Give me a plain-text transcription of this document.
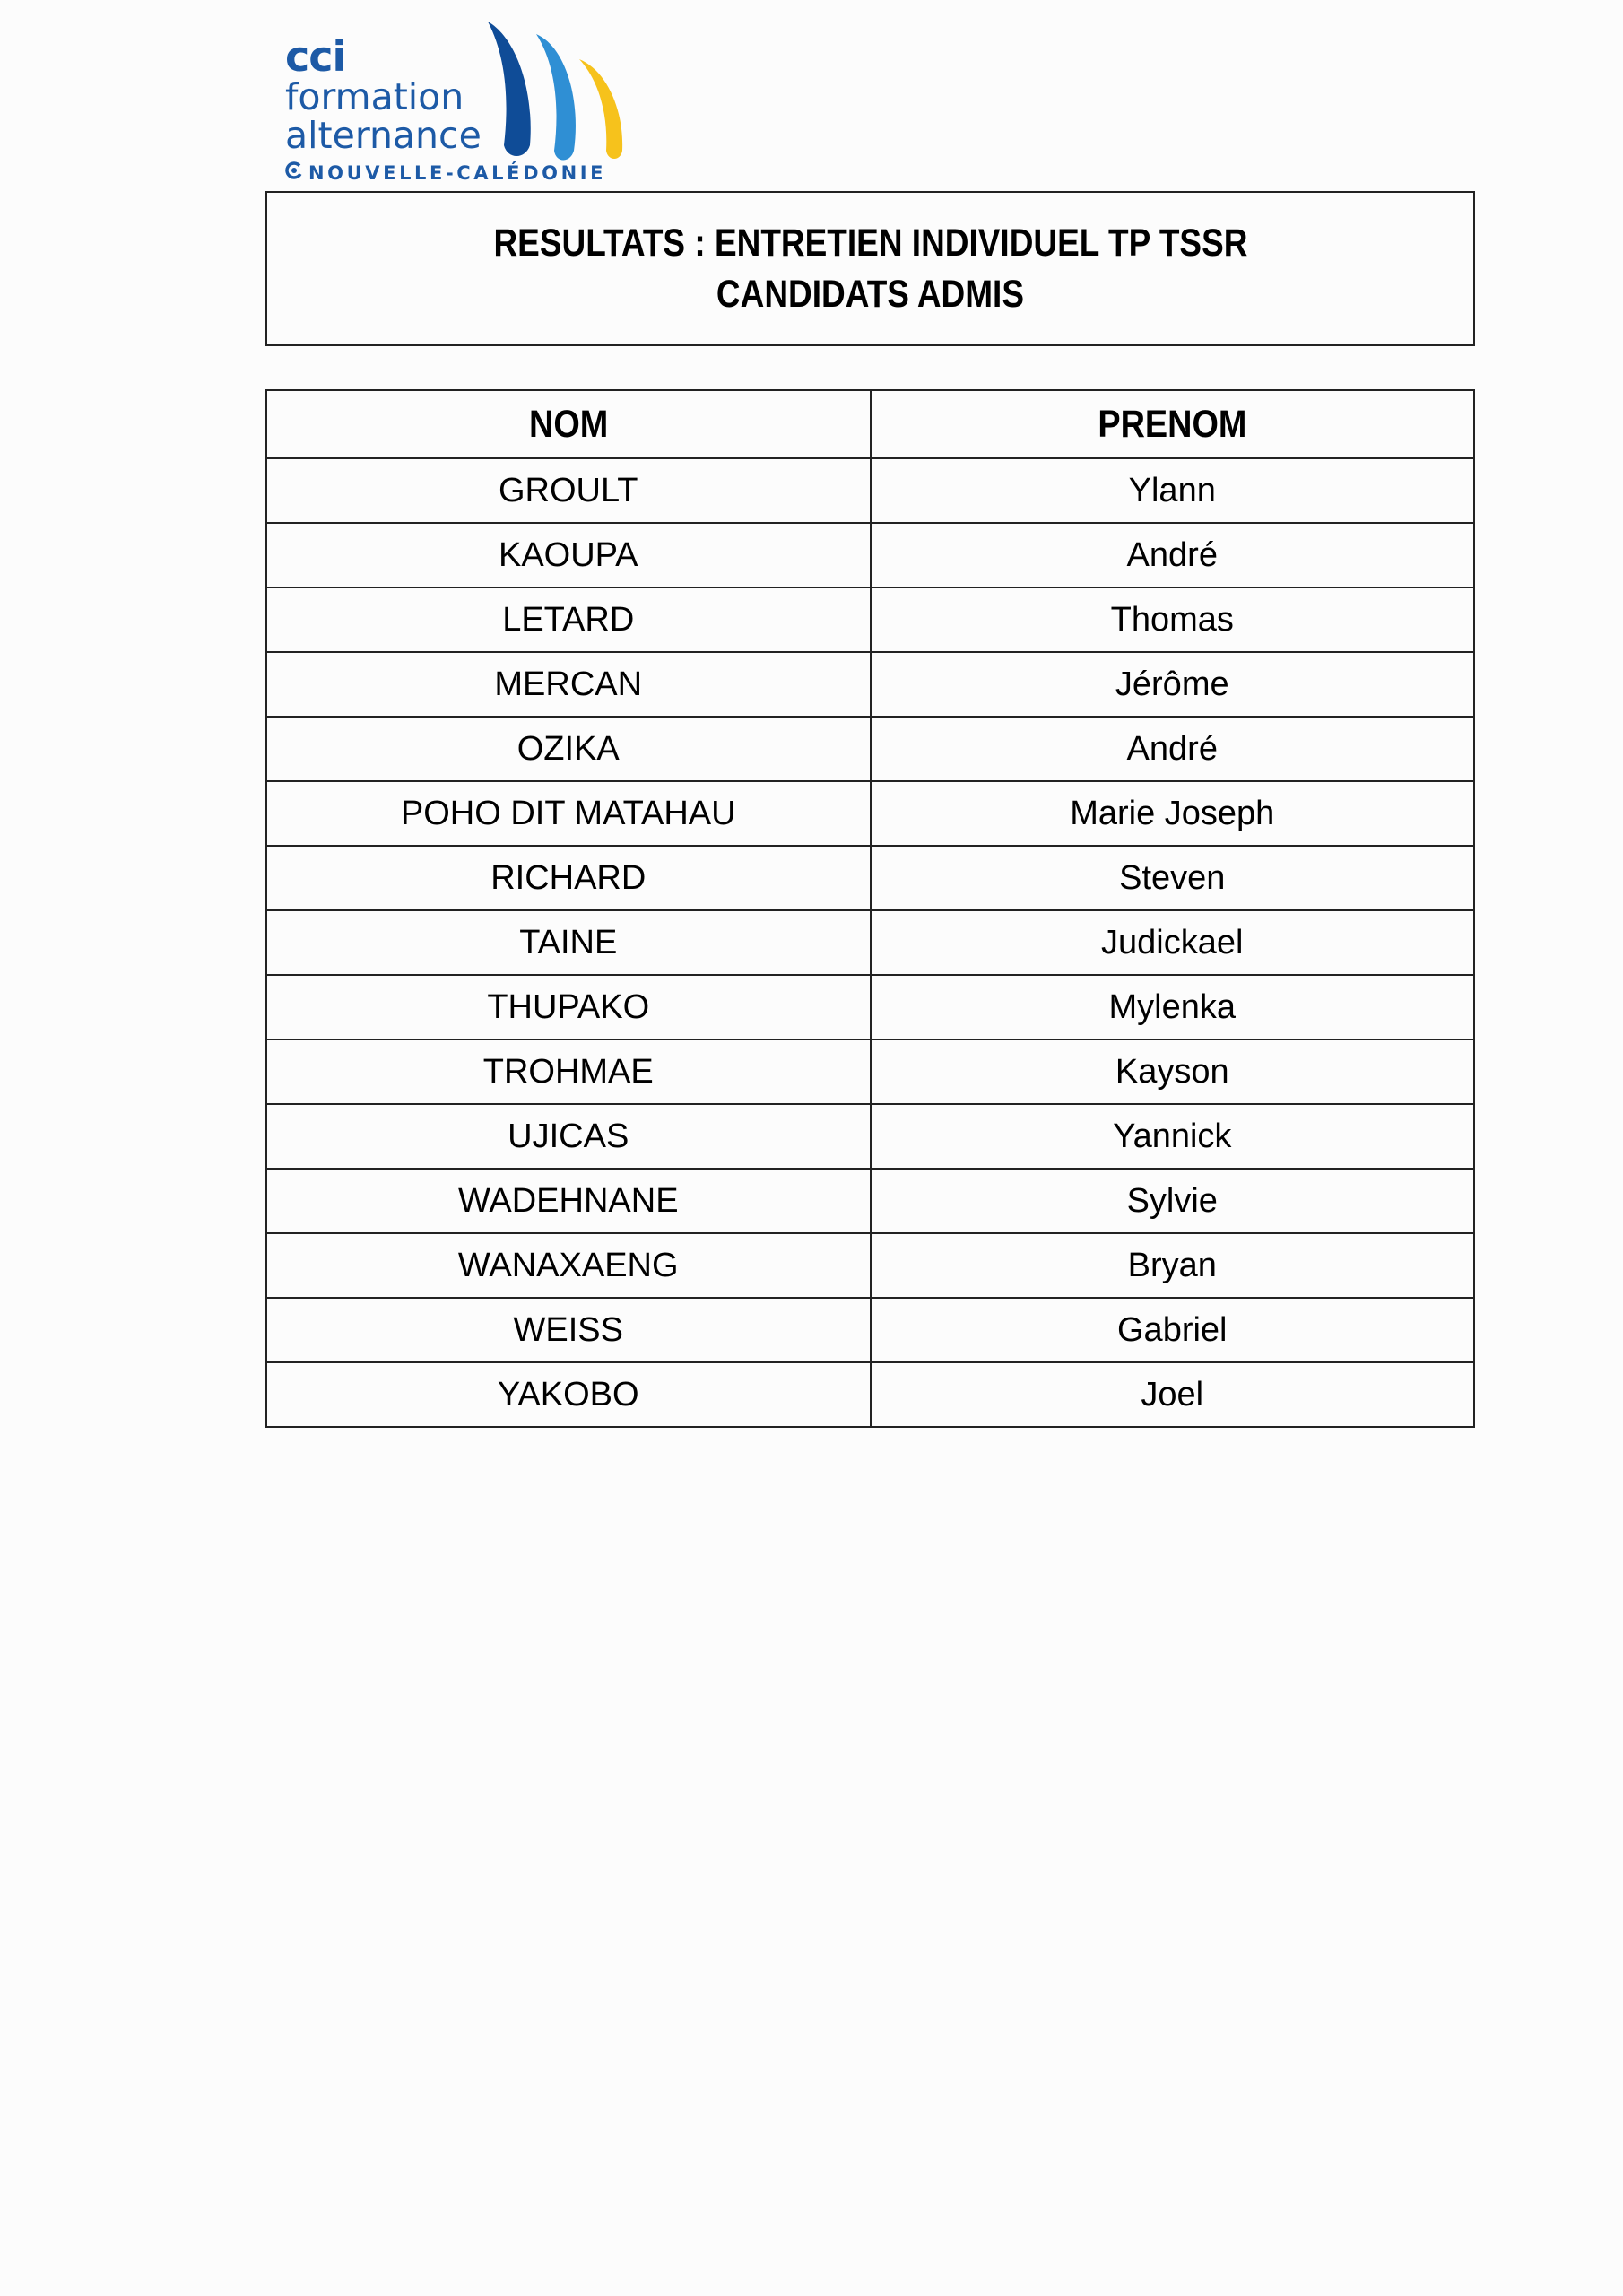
cci
formation
alternance
NOUVELLE-CALÉDONIE
RESULTATS : ENTRETIEN INDIVIDUEL TP TSSR
CANDIDATS ADMIS
NOM	PRENOM
GROULT	Ylann
KAOUPA	André
LETARD	Thomas
MERCAN	Jérôme
OZIKA	André
POHO DIT MATAHAU	Marie Joseph
RICHARD	Steven
TAINE	Judickael
THUPAKO	Mylenka
TROHMAE	Kayson
UJICAS	Yannick
WADEHNANE	Sylvie
WANAXAENG	Bryan
WEISS	Gabriel
YAKOBO	Joel
